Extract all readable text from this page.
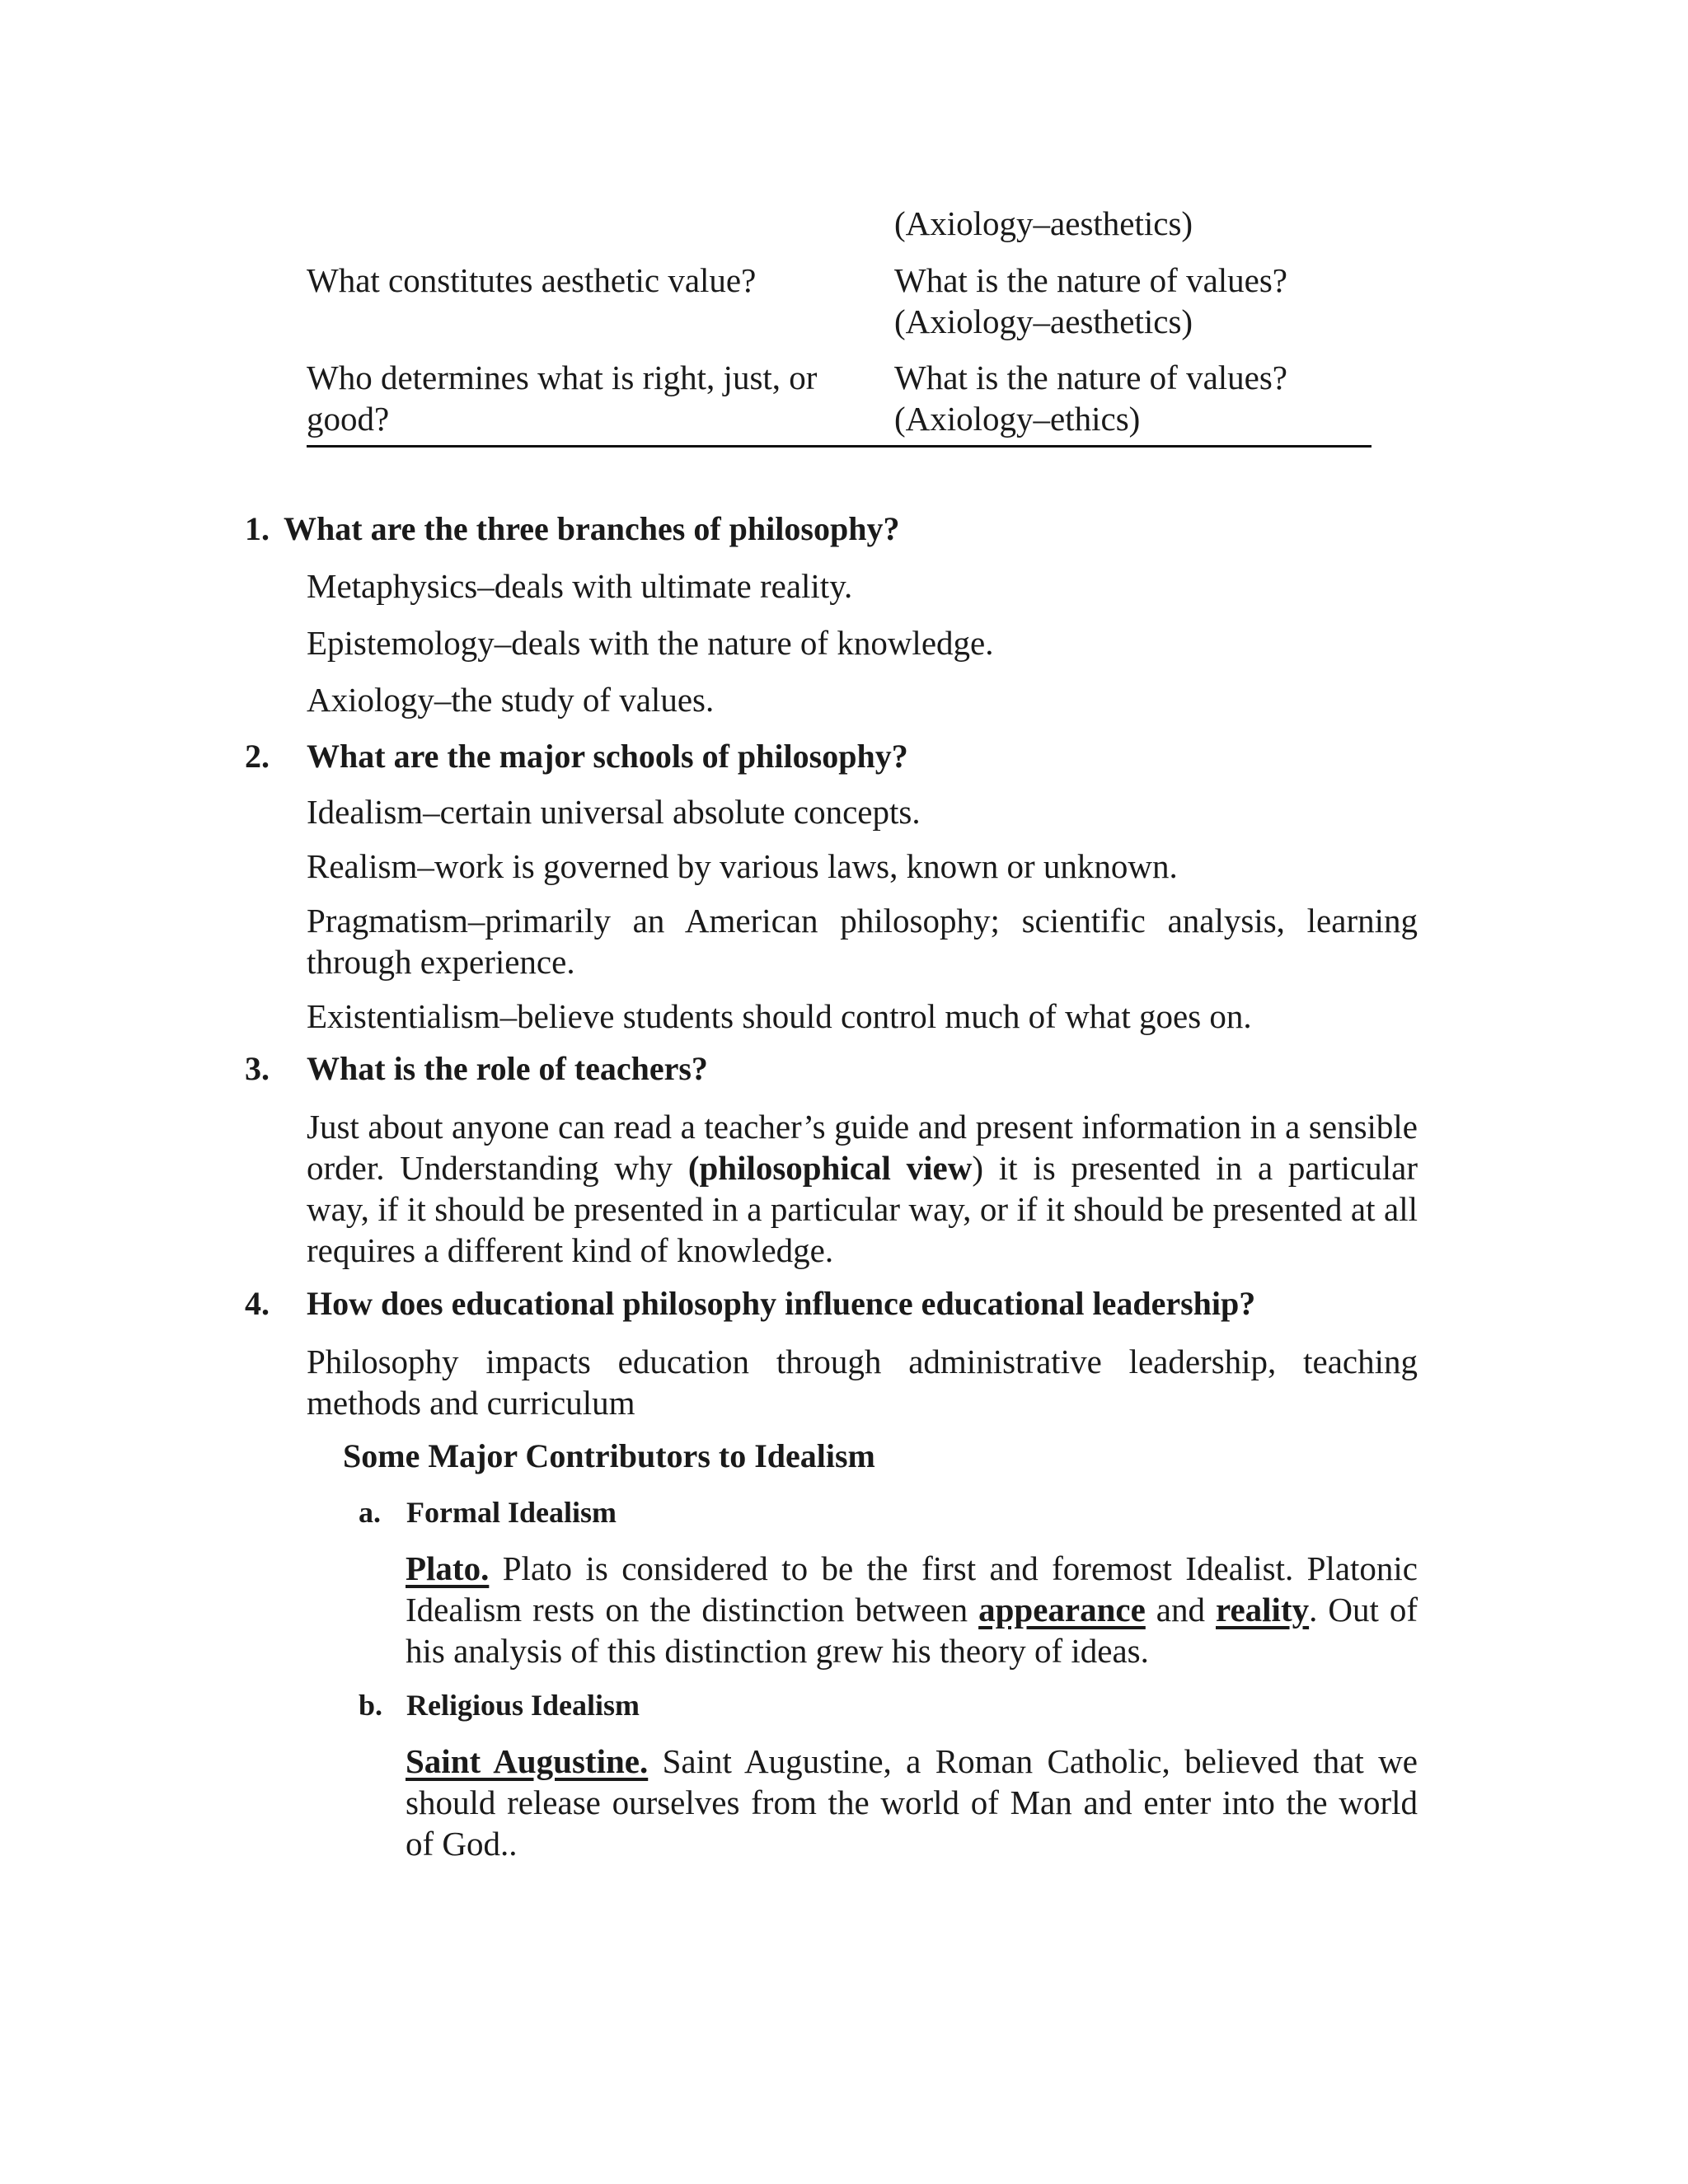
(Axiology–aesthetics)
What constitutes aesthetic value?	What is the nature of values?
(Axiology–aesthetics)
Who determines what is right, just, or good?
What is the nature of values?
(Axiology–ethics)
1. What are the three branches of philosophy?
Metaphysics–deals with ultimate reality.
Epistemology–deals with the nature of knowledge.
Axiology–the study of values.
2. What are the major schools of philosophy?
Idealism–certain universal absolute concepts.
Realism–work is governed by various laws, known or unknown.
Pragmatism–primarily an American philosophy; scientific analysis, learning through experience.
Existentialism–believe students should control much of what goes on.
3. What is the role of teachers?
Just about anyone can read a teacher’s guide and present information in a sensible order. Understanding why (philosophical view) it is presented in a particular way, if it should be presented in a particular way, or if it should be presented at all requires a different kind of knowledge.
4. How does educational philosophy influence educational leadership?
Philosophy impacts education through administrative leadership, teaching methods and curriculum
Some Major Contributors to Idealism
a. Formal Idealism
Plato. Plato is considered to be the first and foremost Idealist. Platonic Idealism rests on the distinction between appearance and reality. Out of his analysis of this distinction grew his theory of ideas.
b. Religious Idealism
Saint Augustine. Saint Augustine, a Roman Catholic, believed that we should release ourselves from the world of Man and enter into the world of God..
